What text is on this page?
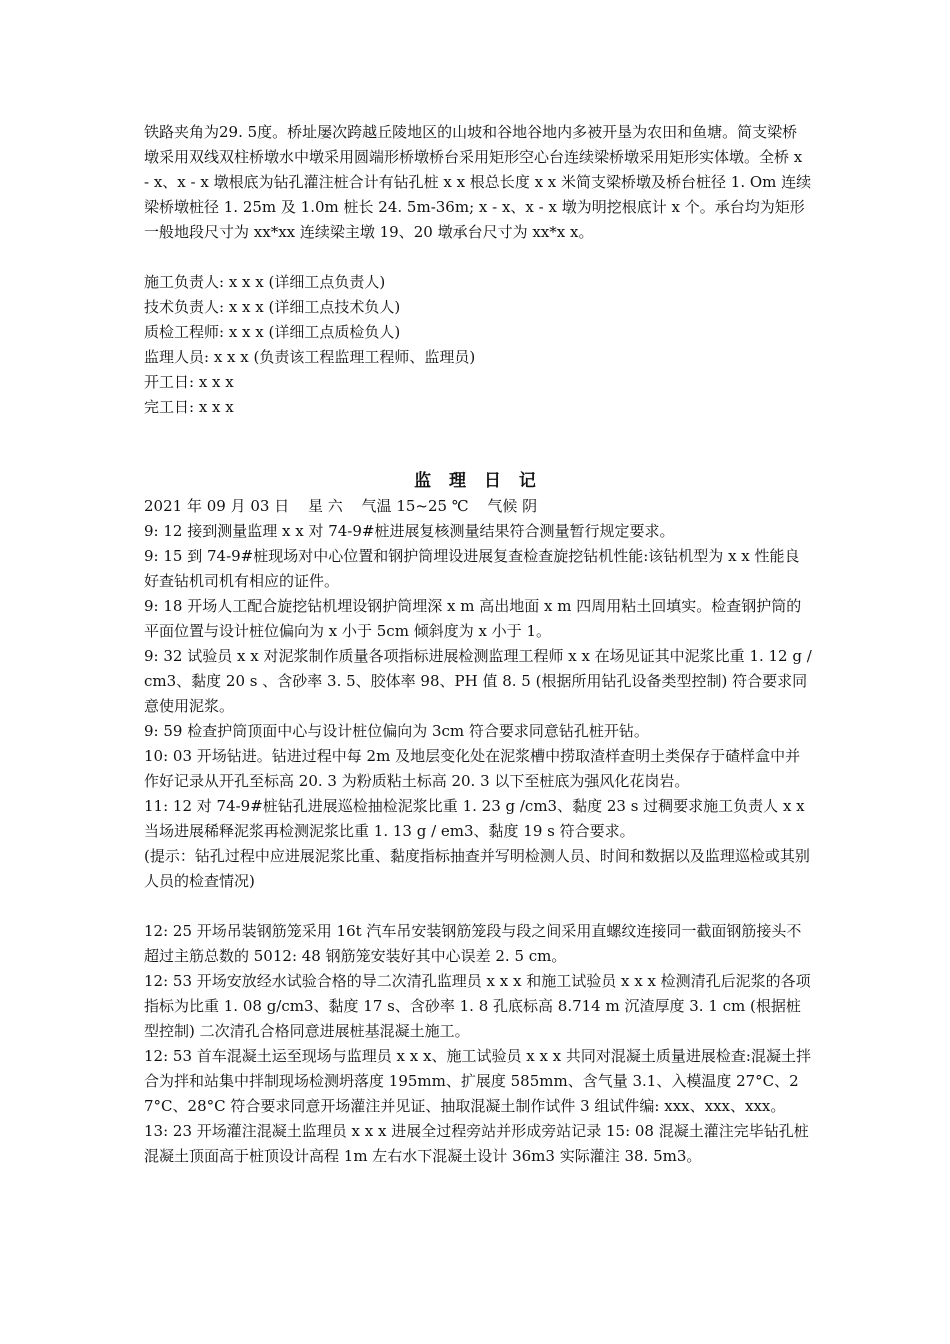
铁路夹角为29. 5度。桥址屡次跨越丘陵地区的山坡和谷地谷地内多被开垦为农田和鱼塘。简支梁桥墩采用双线双柱桥墩水中墩采用圆端形桥墩桥台采用矩形空心台连续梁桥墩采用矩形实体墩。全桥 x - x、x - x 墩根底为钻孔灌注桩合计有钻孔桩 x x 根总长度 x x 米简支梁桥墩及桥台桩径 1. Om 连续梁桥墩桩径 1. 25m 及 1.0m 桩长 24. 5m-36m; x - x、x - x 墩为明挖根底计 x 个。承台均为矩形一般地段尺寸为 xx*xx 连续梁主墩 19、20 墩承台尺寸为 xx*x x。

施工负责人: x x x (详细工点负责人)

技术负责人: x x x (详细工点技术负人)

质检工程师: x x x (详细工点质检负人)

监理人员: x x x (负责该工程监理工程师、监理员)

开工日: x x x

完工日: x x x

监 理 日 记

2021 年 09 月 03 日 星 六 气温 15~25 ℃ 气候 阴

9: 12 接到测量监理 x x 对 74-9#桩进展复核测量结果符合测量暂行规定要求。

9: 15 到 74-9#桩现场对中心位置和钢护筒埋设进展复查检查旋挖钻机性能:该钻机型为 x x 性能良好查钻机司机有相应的证件。

9: 18 开场人工配合旋挖钻机埋设钢护筒埋深 x m 高出地面 x m 四周用粘土回填实。检查钢护筒的平面位置与设计桩位偏向为 x 小于 5cm 倾斜度为 x 小于 1。

9: 32 试验员 x x 对泥浆制作质量各项指标进展检测监理工程师 x x 在场见证其中泥浆比重 1. 12 g / cm3、黏度 20 s 、含砂率 3. 5、胶体率 98、PH 值 8. 5 (根据所用钻孔设备类型控制) 符合要求同意使用泥浆。

9: 59 检查护筒顶面中心与设计桩位偏向为 3cm 符合要求同意钻孔桩开钻。

10: 03 开场钻进。钻进过程中每 2m 及地层变化处在泥浆槽中捞取渣样查明土类保存于碴样盒中并作好记录从开孔至标高 20. 3 为粉质粘土标高 20. 3 以下至桩底为强风化花岗岩。

11: 12 对 74-9#桩钻孔进展巡检抽检泥浆比重 1. 23 g /cm3、黏度 23 s 过稠要求施工负责人 x x 当场进展稀释泥浆再检测泥浆比重 1. 13 g / em3、黏度 19 s 符合要求。

(提示：钻孔过程中应进展泥浆比重、黏度指标抽查并写明检测人员、时间和数据以及监理巡检或其别人员的检查情况)

12: 25 开场吊装钢筋笼采用 16t 汽车吊安装钢筋笼段与段之间采用直螺纹连接同一截面钢筋接头不超过主筋总数的 5012: 48 钢筋笼安装好其中心误差 2. 5 cm。

12: 53 开场安放经水试验合格的导二次清孔监理员 x x x 和施工试验员 x x x 检测清孔后泥浆的各项指标为比重 1. 08 g/cm3、黏度 17 s、含砂率 1. 8 孔底标高 8.714 m 沉渣厚度 3. 1 cm (根据桩型控制) 二次清孔合格同意进展桩基混凝土施工。

12: 53 首车混凝土运至现场与监理员 x x x、施工试验员 x x x 共同对混凝土质量进展检查:混凝土拌合为拌和站集中拌制现场检测坍落度 195mm、扩展度 585mm、含气量 3.1、入模温度 27°C、27°C、28°C 符合要求同意开场灌注并见证、抽取混凝土制作试件 3 组试件编: xxx、xxx、xxx。

13: 23 开场灌注混凝土监理员 x x x 进展全过程旁站并形成旁站记录 15: 08 混凝土灌注完毕钻孔桩混凝土顶面高于桩顶设计高程 1m 左右水下混凝土设计 36m3 实际灌注 38. 5m3。
